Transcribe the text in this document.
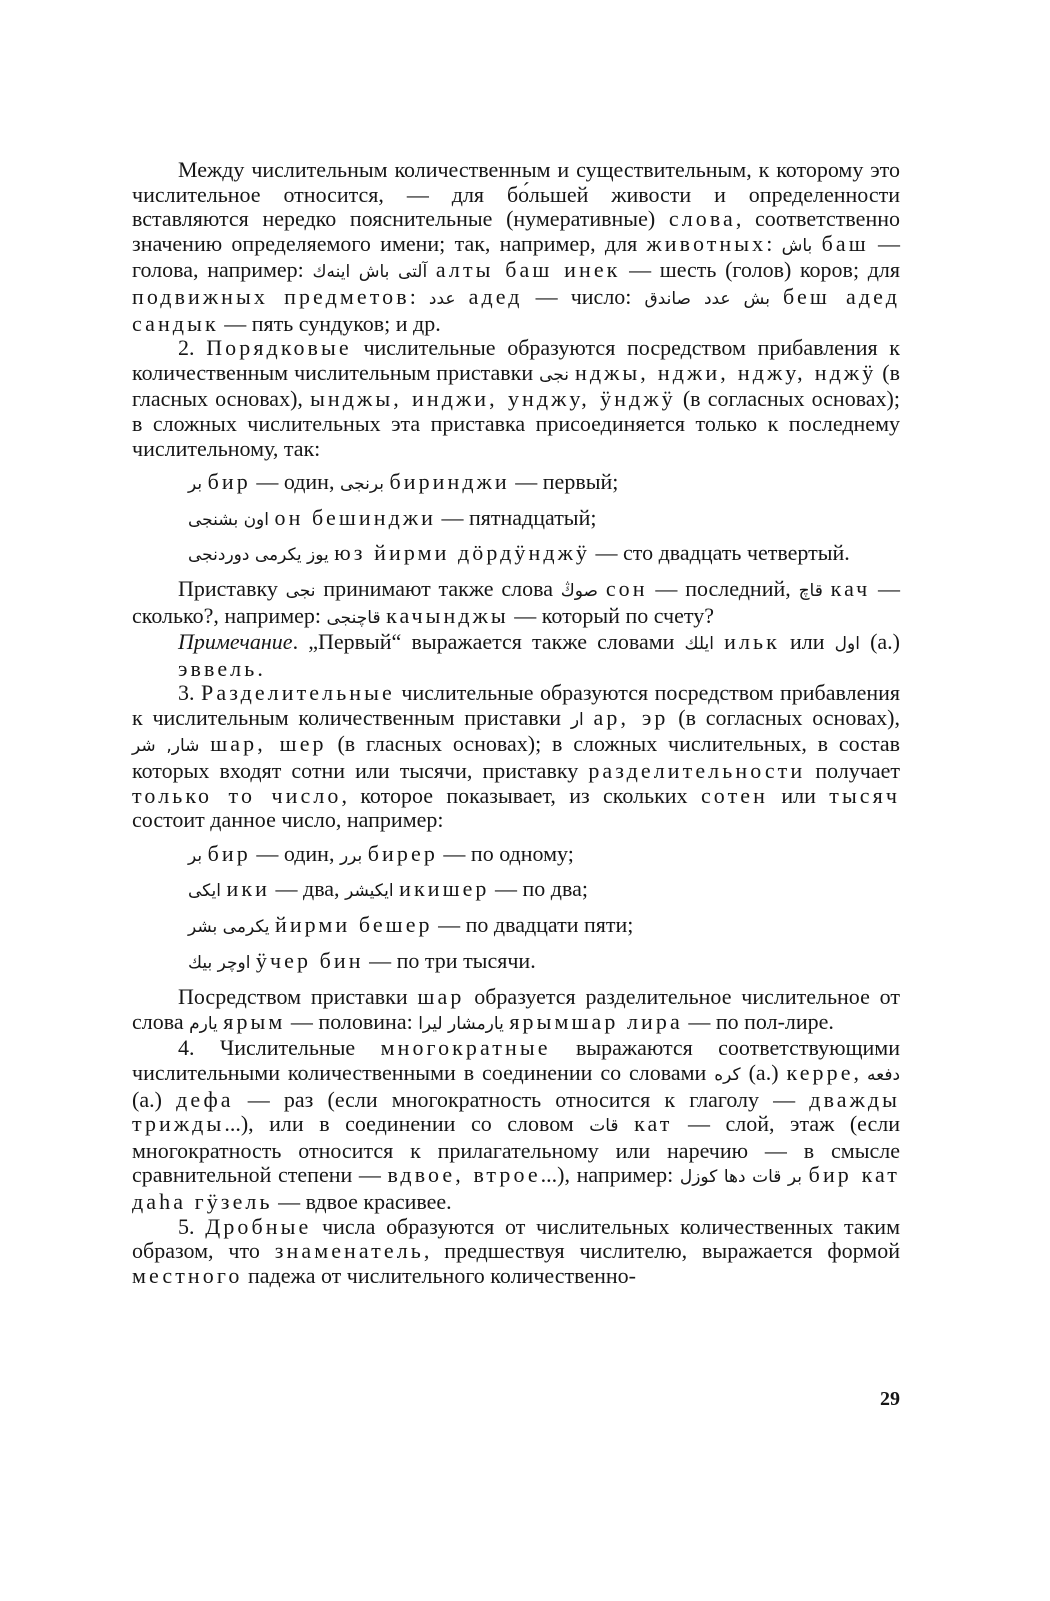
Между числительным количественным и существительным, к которому это числительное относится, — для бо́льшей живости и определенности вставляются нередко пояснительные (нумеративные) слова, соответственно значению определяемого имени; так, например, для животных: باش баш — голова, например: آلتی باش اینه‌ك алты баш инек — шесть (голов) коров; для подвижных предметов: عدد адед — число: بش عدد صاندق беш адед сандык — пять сундуков; и др.

2. Порядковые числительные образуются посредством прибавления к количественным числительным приставки نجی нджы, нджи, нджу, нджӱ (в гласных основах), ынджы, инджи, унджу, ӱнджӱ (в согласных основах); в сложных числительных эта приставка присоединяется только к последнему числительному, так:

بر бир — один, برنجی биринджи — первый;

اون بشنجی он бешинджи — пятнадцатый;

یوز یکرمی دوردنجی юз йирми дӧрдӱнджӱ — сто двадцать четвертый.

Приставку نجی принимают также слова صوڭ сон — последний, قاچ кач — сколько?, например: قاچنجی качынджы — который по счету?

Примечание. „Первый“ выражается также словами ایلك ильк или اول (а.) эввель.

3. Разделительные числительные образуются посредством прибавления к числительным количественным приставки ار ар, эр (в согласных основах), شار, شر шар, шер (в гласных основах); в сложных числительных, в состав которых входят сотни или тысячи, приставку разделительности получает только то число, которое показывает, из скольких сотен или тысяч состоит данное число, например:

بر бир — один, برر бирер — по одному;

ایکی ики — два, ایکیشر икишер — по два;

یکرمی بشر йирми бешер — по двадцати пяти;

اوچر بیك ӱчер бин — по три тысячи.

Посредством приставки шар образуется разделительное числительное от слова یارم ярым — половина: یارمشار لیرا ярымшар лира — по пол-лире.

4. Числительные многократные выражаются соответствующими числительными количественными в соединении со словами کره (а.) керре, دفعه (а.) дефа — раз (если многократность относится к глаголу — дважды трижды...), или в соединении со словом قات кат — слой, этаж (если многократность относится к прилагательному или наречию — в смысле сравнительной степени — вдвое, втрое...), например: بر قات دها کوزل бир кат даһа гӱзель — вдвое красивее.

5. Дробные числа образуются от числительных количественных таким образом, что знаменатель, предшествуя числителю, выражается формой местного падежа от числительного количественно-

29
